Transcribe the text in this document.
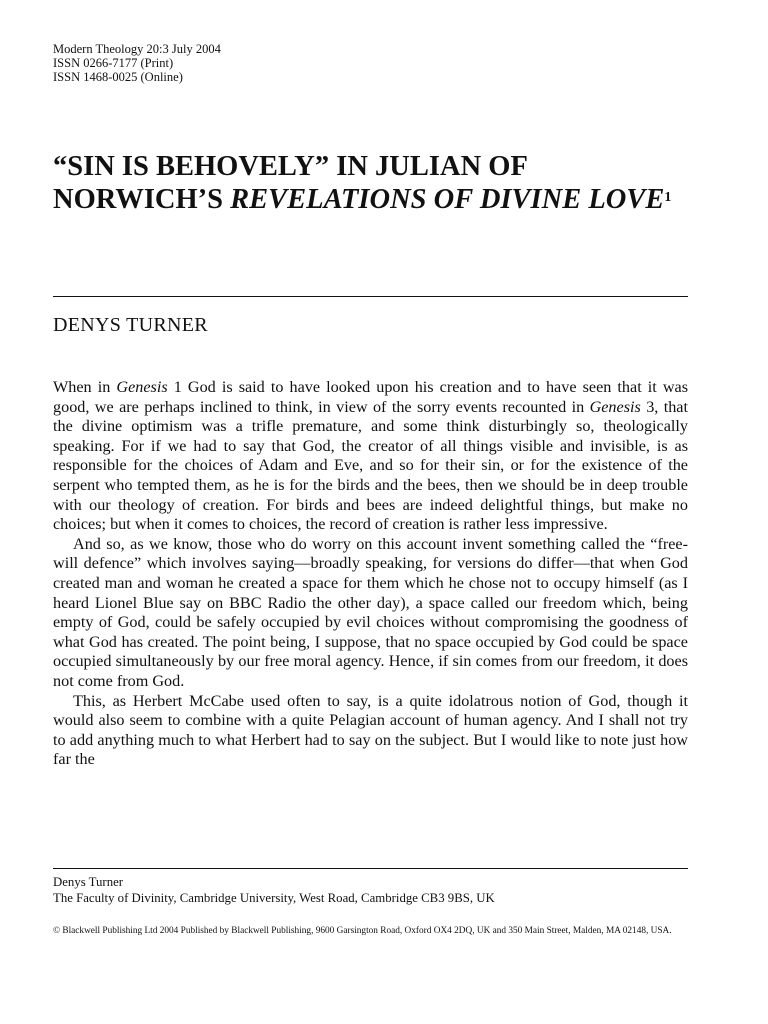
Modern Theology 20:3 July 2004
ISSN 0266-7177 (Print)
ISSN 1468-0025 (Online)
“SIN IS BEHOVELY” IN JULIAN OF NORWICH’S REVELATIONS OF DIVINE LOVE$^1$
DENYS TURNER

When in Genesis 1 God is said to have looked upon his creation and to have seen that it was good, we are perhaps inclined to think, in view of the sorry events recounted in Genesis 3, that the divine optimism was a trifle premature, and some think disturbingly so, theologically speaking. For if we had to say that God, the creator of all things visible and invisible, is as responsible for the choices of Adam and Eve, and so for their sin, or for the existence of the serpent who tempted them, as he is for the birds and the bees, then we should be in deep trouble with our theology of creation. For birds and bees are indeed delightful things, but make no choices; but when it comes to choices, the record of creation is rather less impressive.

And so, as we know, those who do worry on this account invent something called the “free-will defence” which involves saying—broadly speaking, for versions do differ—that when God created man and woman he created a space for them which he chose not to occupy himself (as I heard Lionel Blue say on BBC Radio the other day), a space called our freedom which, being empty of God, could be safely occupied by evil choices without compromising the goodness of what God has created. The point being, I suppose, that no space occupied by God could be space occupied simultaneously by our free moral agency. Hence, if sin comes from our freedom, it does not come from God.

This, as Herbert McCabe used often to say, is a quite idolatrous notion of God, though it would also seem to combine with a quite Pelagian account of human agency. And I shall not try to add anything much to what Herbert had to say on the subject. But I would like to note just how far the

Denys Turner
The Faculty of Divinity, Cambridge University, West Road, Cambridge CB3 9BS, UK
© Blackwell Publishing Ltd 2004 Published by Blackwell Publishing, 9600 Garsington Road, Oxford OX4 2DQ, UK and 350 Main Street, Malden, MA 02148, USA.
